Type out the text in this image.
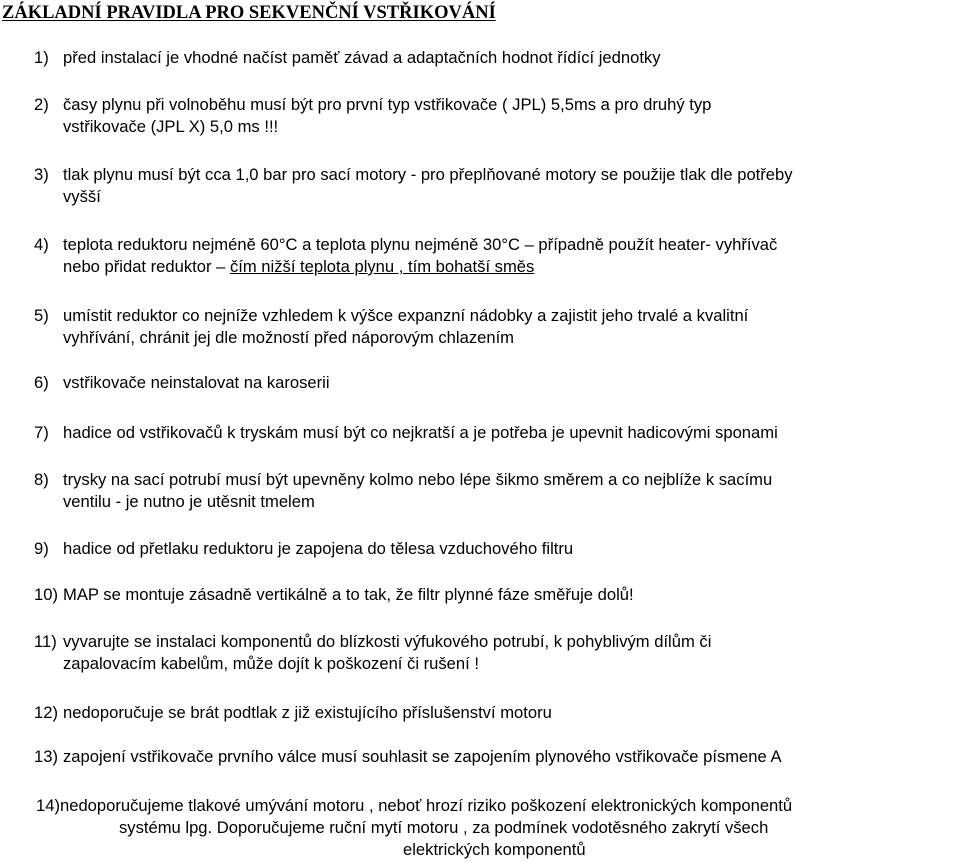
ZÁKLADNÍ PRAVIDLA PRO SEKVENČNÍ VSTŘIKOVÁNÍ
1) před instalací je vhodné načíst paměť závad a adaptačních hodnot řídící jednotky
2) časy plynu při volnoběhu musí být pro první typ vstřikovače ( JPL) 5,5ms a pro druhý typ
vstřikovače (JPL X) 5,0 ms !!!
3) tlak plynu musí být cca 1,0 bar pro sací motory - pro přeplňované motory se použije tlak dle potřeby
vyšší
4) teplota reduktoru nejméně 60°C a teplota plynu nejméně 30°C – případně použít heater- vyhřívač
nebo přidat reduktor – čím nižší teplota plynu , tím bohatší směs
5) umístit reduktor co nejníže vzhledem k výšce expanzní nádobky a zajistit jeho trvalé a kvalitní
vyhřívání, chránit jej dle možností před náporovým chlazením
6) vstřikovače neinstalovat na karoserii
7) hadice od vstřikovačů k tryskám musí být co nejkratší a je potřeba je upevnit hadicovými sponami
8) trysky na sací potrubí musí být upevněny kolmo nebo lépe šikmo směrem a co nejblíže k sacímu
ventilu - je nutno je utěsnit tmelem
9) hadice od přetlaku reduktoru je zapojena do tělesa vzduchového filtru
10) MAP se montuje zásadně vertikálně a to tak, že filtr plynné fáze směřuje dolů!
11) vyvarujte se instalaci komponentů do blízkosti výfukového potrubí, k pohyblivým dílům či
zapalovacím kabelům, může dojít k poškození či rušení !
12) nedoporučuje se brát podtlak z již existujícího příslušenství motoru
13) zapojení vstřikovače prvního válce musí souhlasit se zapojením plynového vstřikovače písmene A
14)nedoporučujeme tlakové umývání motoru , neboť hrozí riziko poškození elektronických komponentů
systému lpg. Doporučujeme ruční mytí motoru , za podmínek vodotěsného zakrytí všech
elektrických komponentů
